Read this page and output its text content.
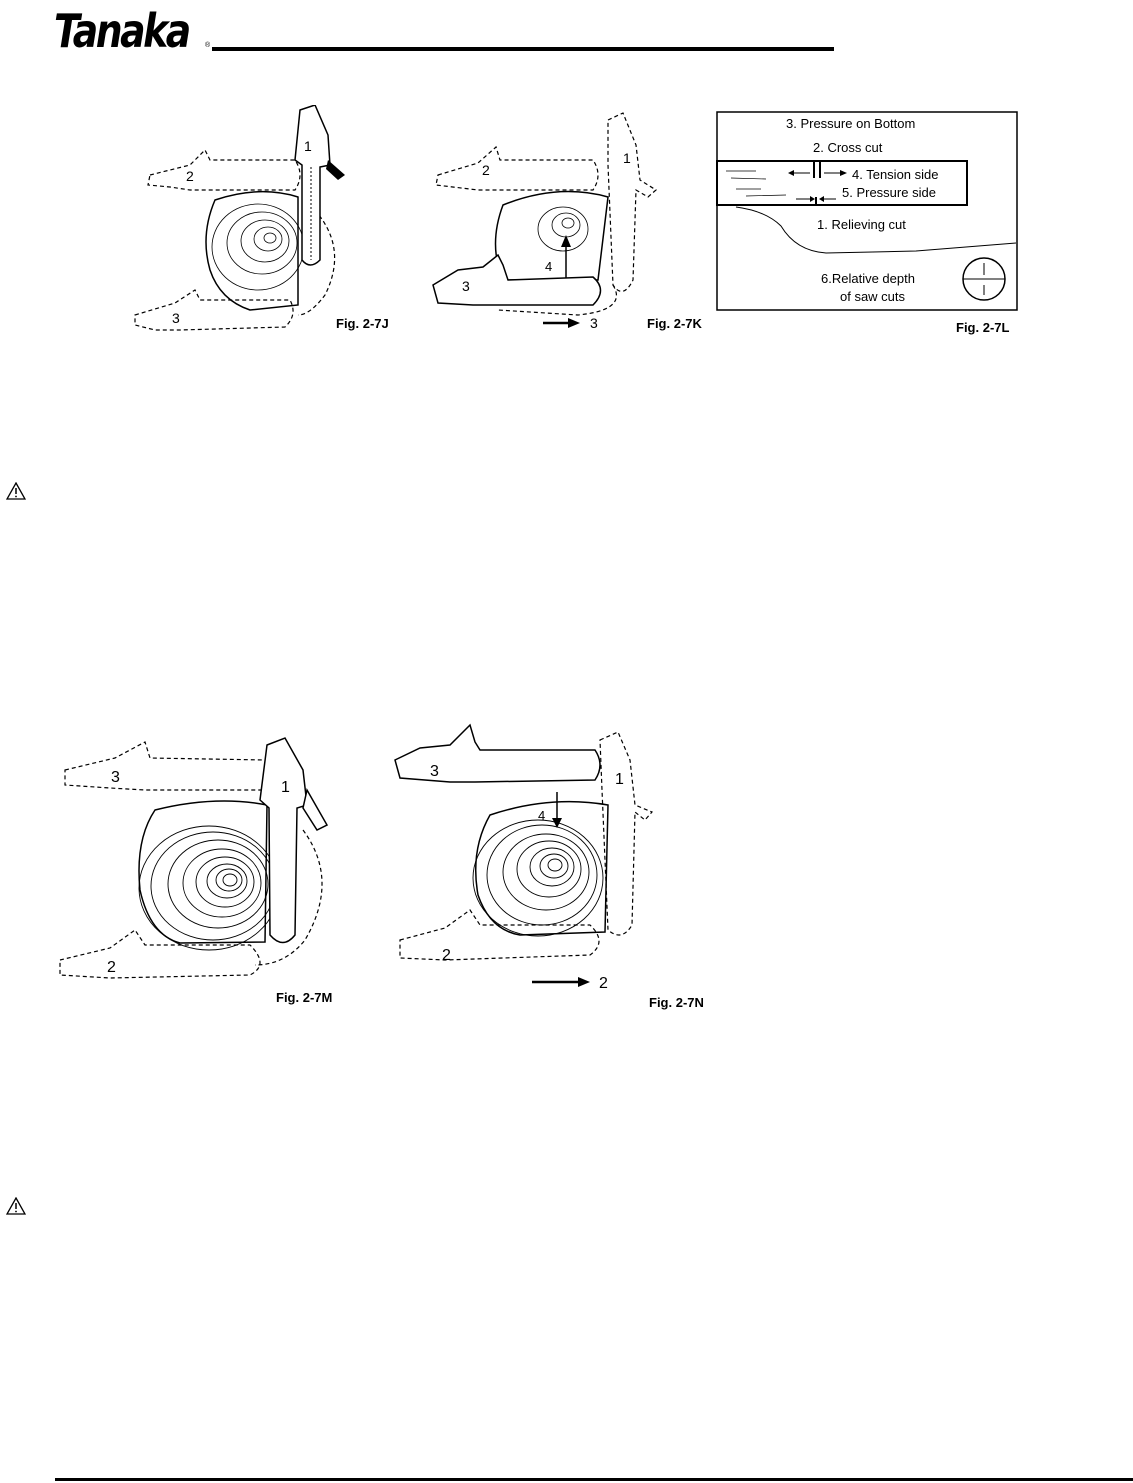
Tanaka ®
1
2
3	Fig. 2-7J
3
1
2
4
3	Fig. 2-7K
3. Pressure on Bottom
2. Cross cut
4. Tension side
5. Pressure side
1. Relieving cut
6.Relative depth
of saw cuts
Fig. 2-7L
1
3
2
Fig. 2-7M
3	1
4
2
2
Fig. 2-7N
